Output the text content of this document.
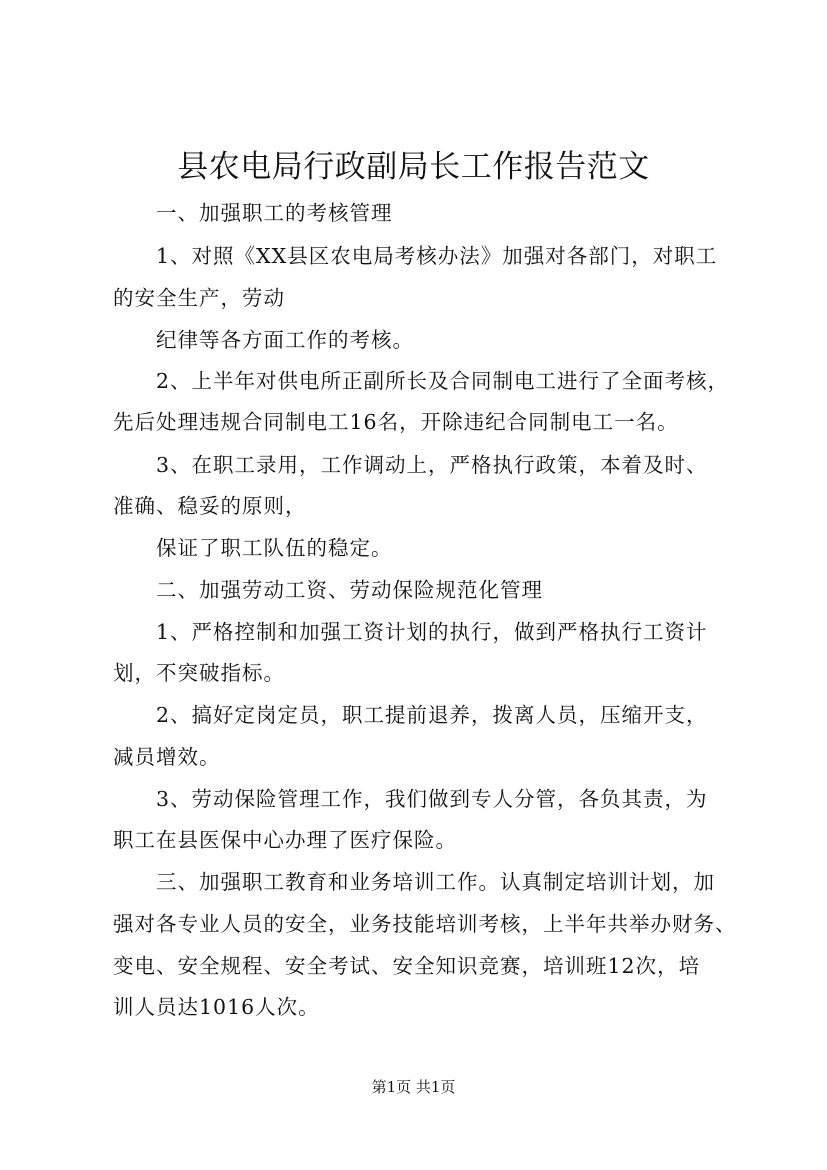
县农电局行政副局长工作报告范文
一、加强职工的考核管理
1、对照《XX县区农电局考核办法》加强对各部门，对职工
的安全生产，劳动
纪律等各方面工作的考核。
2、上半年对供电所正副所长及合同制电工进行了全面考核，
先后处理违规合同制电工16名，开除违纪合同制电工一名。
3、在职工录用，工作调动上，严格执行政策，本着及时、
准确、稳妥的原则，
保证了职工队伍的稳定。
二、加强劳动工资、劳动保险规范化管理
1、严格控制和加强工资计划的执行，做到严格执行工资计
划，不突破指标。
2、搞好定岗定员，职工提前退养，拨离人员，压缩开支，
减员增效。
3、劳动保险管理工作，我们做到专人分管，各负其责，为
职工在县医保中心办理了医疗保险。
三、加强职工教育和业务培训工作。认真制定培训计划，加
强对各专业人员的安全，业务技能培训考核，上半年共举办财务、
变电、安全规程、安全考试、安全知识竞赛，培训班12次，培
训人员达1016人次。
第1页 共1页
